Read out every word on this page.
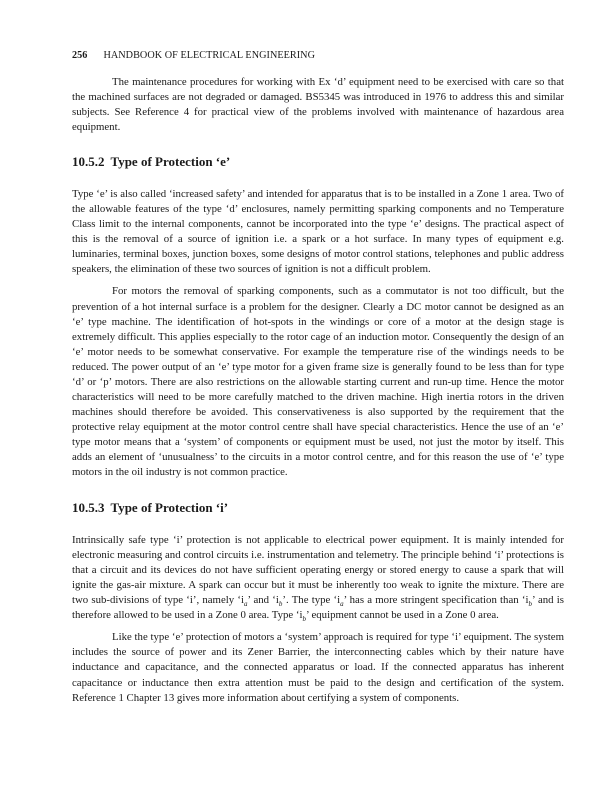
256 HANDBOOK OF ELECTRICAL ENGINEERING

The maintenance procedures for working with Ex ‘d’ equipment need to be exercised with care so that the machined surfaces are not degraded or damaged. BS5345 was introduced in 1976 to address this and similar subjects. See Reference 4 for practical view of the problems involved with maintenance of hazardous area equipment.

10.5.2 Type of Protection ‘e’

Type ‘e’ is also called ‘increased safety’ and intended for apparatus that is to be installed in a Zone 1 area. Two of the allowable features of the type ‘d’ enclosures, namely permitting sparking components and no Temperature Class limit to the internal components, cannot be incorporated into the type ‘e’ designs. The practical aspect of this is the removal of a source of ignition i.e. a spark or a hot surface. In many types of equipment e.g. luminaries, terminal boxes, junction boxes, some designs of motor control stations, telephones and public address speakers, the elimination of these two sources of ignition is not a difficult problem.

For motors the removal of sparking components, such as a commutator is not too difficult, but the prevention of a hot internal surface is a problem for the designer. Clearly a DC motor cannot be designed as an ‘e’ type machine. The identification of hot-spots in the windings or core of a motor at the design stage is extremely difficult. This applies especially to the rotor cage of an induction motor. Consequently the design of an ‘e’ motor needs to be somewhat conservative. For example the temperature rise of the windings needs to be reduced. The power output of an ‘e’ type motor for a given frame size is generally found to be less than for type ‘d’ or ‘p’ motors. There are also restrictions on the allowable starting current and run-up time. Hence the motor characteristics will need to be more carefully matched to the driven machine. High inertia rotors in the driven machines should therefore be avoided. This conservativeness is also supported by the requirement that the protective relay equipment at the motor control centre shall have special characteristics. Hence the use of an ‘e’ type motor means that a ‘system’ of components or equipment must be used, not just the motor by itself. This adds an element of ‘unusualness’ to the circuits in a motor control centre, and for this reason the use of ‘e’ type motors in the oil industry is not common practice.

10.5.3 Type of Protection ‘i’

Intrinsically safe type ‘i’ protection is not applicable to electrical power equipment. It is mainly intended for electronic measuring and control circuits i.e. instrumentation and telemetry. The principle behind ‘i’ protections is that a circuit and its devices do not have sufficient operating energy or stored energy to cause a spark that will ignite the gas-air mixture. A spark can occur but it must be inherently too weak to ignite the mixture. There are two sub-divisions of type ‘i’, namely ‘$i_a$’ and ‘$i_b$’. The type ‘$i_a$’ has a more stringent specification than ‘$i_b$’ and is therefore allowed to be used in a Zone 0 area. Type ‘$i_b$’ equipment cannot be used in a Zone 0 area.

Like the type ‘e’ protection of motors a ‘system’ approach is required for type ‘i’ equipment. The system includes the source of power and its Zener Barrier, the interconnecting cables which by their nature have inductance and capacitance, and the connected apparatus or load. If the connected apparatus has inherent capacitance or inductance then extra attention must be paid to the design and certification of the system. Reference 1 Chapter 13 gives more information about certifying a system of components.
